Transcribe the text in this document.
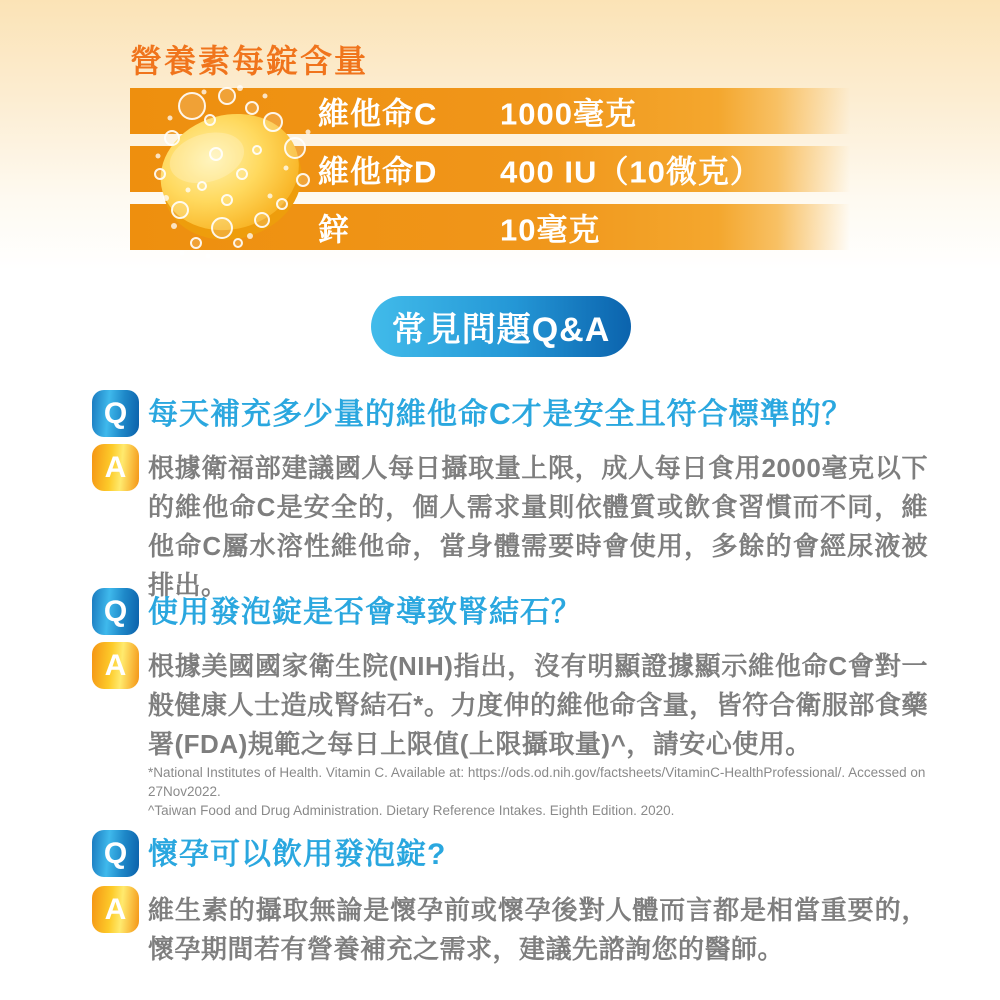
營養素每錠含量
維他命C 1000毫克
維他命D 400 IU（10微克）
鋅	10毫克
常見問題Q&A
Q 每天補充多少量的維他命C才是安全且符合標準的？
A 根據衛福部建議國人每日攝取量上限，成人每日食用2000毫克以下的維他命C是安全的，個人需求量則依體質或飲食習慣而不同，維他命C屬水溶性維他命，當身體需要時會使用，多餘的會經尿液被排出。
Q 使用發泡錠是否會導致腎結石？
A 根據美國國家衛生院(NIH)指出，沒有明顯證據顯示維他命C會對一般健康人士造成腎結石*。力度伸的維他命含量，皆符合衛服部食藥署(FDA)規範之每日上限值(上限攝取量)^，請安心使用。
*National Institutes of Health. Vitamin C. Available at: https://ods.od.nih.gov/factsheets/VitaminC-HealthProfessional/. Accessed on 27Nov2022.
^Taiwan Food and Drug Administration. Dietary Reference Intakes. Eighth Edition. 2020.
Q 懷孕可以飲用發泡錠?
A 維生素的攝取無論是懷孕前或懷孕後對人體而言都是相當重要的，懷孕期間若有營養補充之需求，建議先諮詢您的醫師。
